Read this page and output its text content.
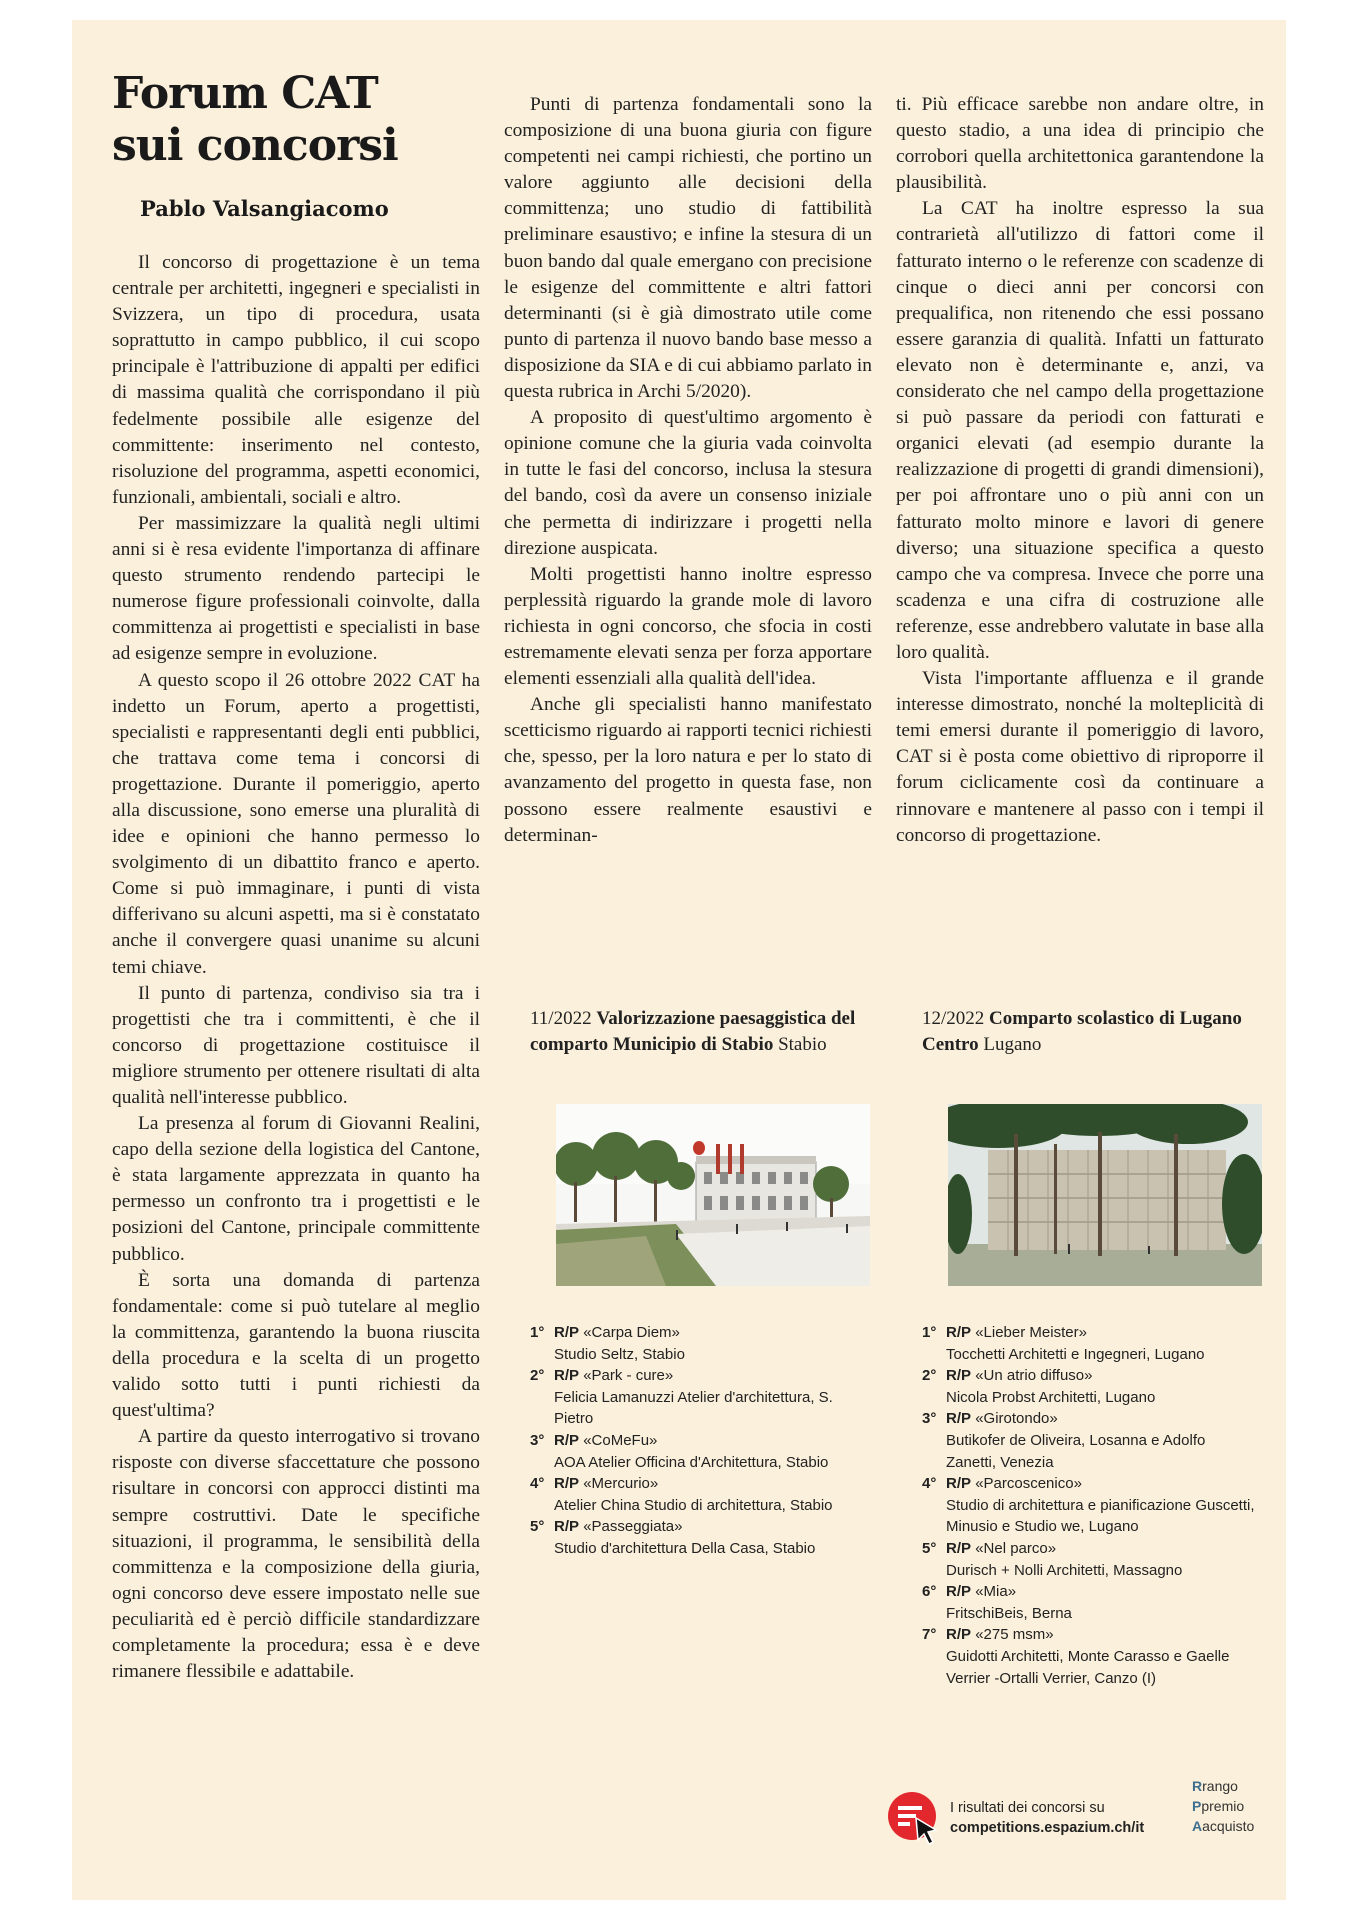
Forum CAT
sui concorsi
Pablo Valsangiacomo

Il concorso di progettazione è un tema centrale per architetti, ingegneri e specialisti in Svizzera, un tipo di procedura, usata soprattutto in campo pubblico, il cui scopo principale è l'attribuzione di appalti per edifici di massima qualità che corrispondano il più fedelmente possibile alle esigenze del committente: inserimento nel contesto, risoluzione del programma, aspetti economici, funzionali, ambientali, sociali e altro.

Per massimizzare la qualità negli ultimi anni si è resa evidente l'importanza di affinare questo strumento rendendo partecipi le numerose figure professionali coinvolte, dalla committenza ai progettisti e specialisti in base ad esigenze sempre in evoluzione.

A questo scopo il 26 ottobre 2022 CAT ha indetto un Forum, aperto a progettisti, specialisti e rappresentanti degli enti pubblici, che trattava come tema i concorsi di progettazione. Durante il pomeriggio, aperto alla discussione, sono emerse una pluralità di idee e opinioni che hanno permesso lo svolgimento di un dibattito franco e aperto. Come si può immaginare, i punti di vista differivano su alcuni aspetti, ma si è constatato anche il convergere quasi unanime su alcuni temi chiave.

Il punto di partenza, condiviso sia tra i progettisti che tra i committenti, è che il concorso di progettazione costituisce il migliore strumento per ottenere risultati di alta qualità nell'interesse pubblico.

La presenza al forum di Giovanni Realini, capo della sezione della logistica del Cantone, è stata largamente apprezzata in quanto ha permesso un confronto tra i progettisti e le posizioni del Cantone, principale committente pubblico.

È sorta una domanda di partenza fondamentale: come si può tutelare al meglio la committenza, garantendo la buona riuscita della procedura e la scelta di un progetto valido sotto tutti i punti richiesti da quest'ultima?

A partire da questo interrogativo si trovano risposte con diverse sfaccettature che possono risultare in concorsi con approcci distinti ma sempre costruttivi. Date le specifiche situazioni, il programma, le sensibilità della committenza e la composizione della giuria, ogni concorso deve essere impostato nelle sue peculiarità ed è perciò difficile standardizzare completamente la procedura; essa è e deve rimanere flessibile e adattabile.

Punti di partenza fondamentali sono la composizione di una buona giuria con figure competenti nei campi richiesti, che portino un valore aggiunto alle decisioni della committenza; uno studio di fattibilità preliminare esaustivo; e infine la stesura di un buon bando dal quale emergano con precisione le esigenze del committente e altri fattori determinanti (si è già dimostrato utile come punto di partenza il nuovo bando base messo a disposizione da SIA e di cui abbiamo parlato in questa rubrica in Archi 5/2020).

A proposito di quest'ultimo argomento è opinione comune che la giuria vada coinvolta in tutte le fasi del concorso, inclusa la stesura del bando, così da avere un consenso iniziale che permetta di indirizzare i progetti nella direzione auspicata.

Molti progettisti hanno inoltre espresso perplessità riguardo la grande mole di lavoro richiesta in ogni concorso, che sfocia in costi estremamente elevati senza per forza apportare elementi essenziali alla qualità dell'idea.

Anche gli specialisti hanno manifestato scetticismo riguardo ai rapporti tecnici richiesti che, spesso, per la loro natura e per lo stato di avanzamento del progetto in questa fase, non possono essere realmente esaustivi e determinan-

ti. Più efficace sarebbe non andare oltre, in questo stadio, a una idea di principio che corrobori quella architettonica garantendone la plausibilità.

La CAT ha inoltre espresso la sua contrarietà all'utilizzo di fattori come il fatturato interno o le referenze con scadenze di cinque o dieci anni per concorsi con prequalifica, non ritenendo che essi possano essere garanzia di qualità. Infatti un fatturato elevato non è determinante e, anzi, va considerato che nel campo della progettazione si può passare da periodi con fatturati e organici elevati (ad esempio durante la realizzazione di progetti di grandi dimensioni), per poi affrontare uno o più anni con un fatturato molto minore e lavori di genere diverso; una situazione specifica a questo campo che va compresa. Invece che porre una scadenza e una cifra di costruzione alle referenze, esse andrebbero valutate in base alla loro qualità.

Vista l'importante affluenza e il grande interesse dimostrato, nonché la molteplicità di temi emersi durante il pomeriggio di lavoro, CAT si è posta come obiettivo di riproporre il forum ciclicamente così da continuare a rinnovare e mantenere al passo con i tempi il concorso di progettazione.

11/2022 Valorizzazione paesaggistica del comparto Municipio di Stabio Stabio
1° R/P «Carpa Diem»
Studio Seltz, Stabio
2° R/P «Park - cure»
Felicia Lamanuzzi Atelier d'architettura, S. Pietro
3° R/P «CoMeFu»
AOA Atelier Officina d'Architettura, Stabio
4° R/P «Mercurio»
Atelier China Studio di architettura, Stabio
5° R/P «Passeggiata»
Studio d'architettura Della Casa, Stabio
12/2022 Comparto scolastico di Lugano Centro Lugano
1° R/P «Lieber Meister»
Tocchetti Architetti e Ingegneri, Lugano
2° R/P «Un atrio diffuso»
Nicola Probst Architetti, Lugano
3° R/P «Girotondo»
Butikofer de Oliveira, Losanna e Adolfo Zanetti, Venezia
4° R/P «Parcoscenico»
Studio di architettura e pianificazione Guscetti, Minusio e Studio we, Lugano
5° R/P «Nel parco»
Durisch + Nolli Architetti, Massagno
6° R/P «Mia»
FritschiBeis, Berna
7° R/P «275 msm»
Guidotti Architetti, Monte Carasso e Gaelle Verrier -Ortalli Verrier, Canzo (I)
I risultati dei concorsi su
competitions.espazium.ch/it
Rrango
Ppremio
Aacquisto
